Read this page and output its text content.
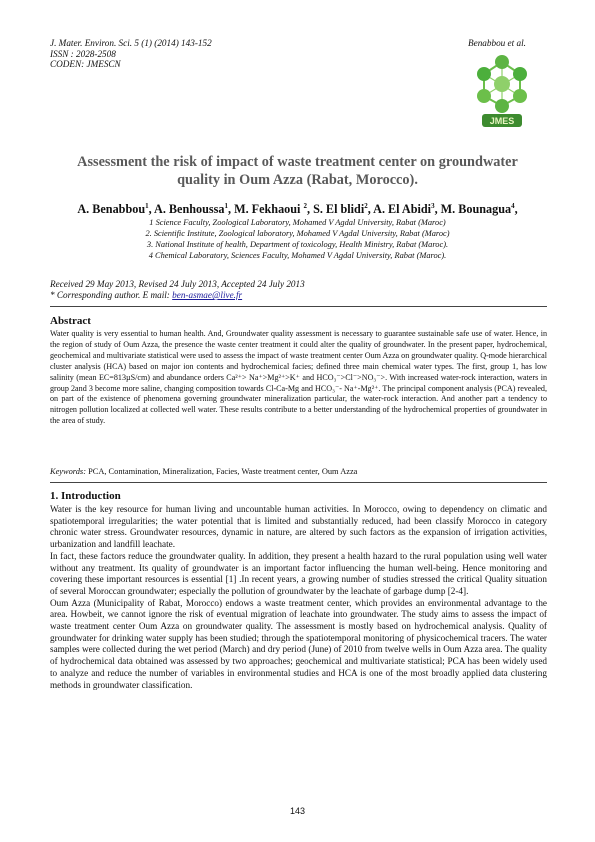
J. Mater. Environ. Sci. 5 (1) (2014) 143-152
ISSN : 2028-2508
CODEN: JMESCN
Benabbou et al.
JMES
Assessment the risk of impact of waste treatment center on groundwater
quality in Oum Azza (Rabat, Morocco).
A. Benabbou$^1$, A. Benhoussa$^1$, M. Fekhaoui $^2$, S. El blidi$^2$, A. El Abidi$^3$, M. Bounagua$^4$,
1 Science Faculty, Zoological Laboratory, Mohamed V Agdal University, Rabat (Maroc)
2. Scientific Institute, Zoological laboratory, Mohamed V Agdal University, Rabat (Maroc)
3. National Institute of health, Department of toxicology, Health Ministry, Rabat (Maroc).
4 Chemical Laboratory, Sciences Faculty, Mohamed V Agdal University, Rabat (Maroc).
Received 29 May 2013, Revised 24 July 2013, Accepted 24 July 2013
* Corresponding author. E mail: ben-asmae@live.fr
Abstract

Water quality is very essential to human health. And, Groundwater quality assessment is necessary to guarantee sustainable safe use of water. Hence, in the region of study of Oum Azza, the presence the waste center treatment it could alter the quality of groundwater. In the present paper, hydrochemical, geochemical and multivariate statistical were used to assess the impact of waste treatment center Oum Azza on groundwater quality. Q-mode hierarchical cluster analysis (HCA) based on major ion contents and hydrochemical facies; defined three main chemical water types. The first, group 1, has low salinity (mean EC=813µS/cm) and abundance orders Ca²⁺> Na⁺>Mg²⁺>K⁺ and HCO₃⁻>Cl⁻>NO₃⁻>. With increased water-rock interaction, waters in group 2and 3 become more saline, changing composition towards Cl-Ca-Mg and HCO₃⁻- Na⁺-Mg²⁺. The principal component analysis (PCA) revealed, on part of the existence of phenomena governing groundwater mineralization particular, the water-rock interaction. And another part a tendency to nitrogen pollution localized at collected well water. These results contribute to a better understanding of the hydrochemical properties of groundwater in the area of study.

Keywords: PCA, Contamination, Mineralization, Facies, Waste treatment center, Oum Azza
1. Introduction

Water is the key resource for human living and uncountable human activities. In Morocco, owing to dependency on climatic and spatiotemporal irregularities; the water potential that is limited and substantially reduced, had been classify Morocco in category chronic water stress. Groundwater resources, dynamic in nature, are altered by such factors as the expansion of irrigation activities, urbanization and landfill leachate.

In fact, these factors reduce the groundwater quality. In addition, they present a health hazard to the rural population using well water without any treatment. Its quality of groundwater is an important factor influencing the human well-being. Hence monitoring and covering these important resources is essential [1] .In recent years, a growing number of studies stressed the critical Quality situation of several Moroccan groundwater; especially the pollution of groundwater by the leachate of garbage dump [2-4].

Oum Azza (Municipality of Rabat, Morocco) endows a waste treatment center, which provides an environmental advantage to the area. Howbeit, we cannot ignore the risk of eventual migration of leachate into groundwater. The study aims to assess the impact of waste treatment center Oum Azza on groundwater quality. The assessment is mostly based on hydrochemical analysis. Quality of groundwater for drinking water supply has been studied; through the spatiotemporal monitoring of physicochemical tracers. The water samples were collected during the wet period (March) and dry period (June) of 2010 from twelve wells in Oum Azza area. The quality of hydrochemical data obtained was assessed by two approaches; geochemical and multivariate statistical; PCA has been widely used to analyze and reduce the number of variables in environmental studies and HCA is one of the most broadly applied data clustering methods in groundwater classification.

143
